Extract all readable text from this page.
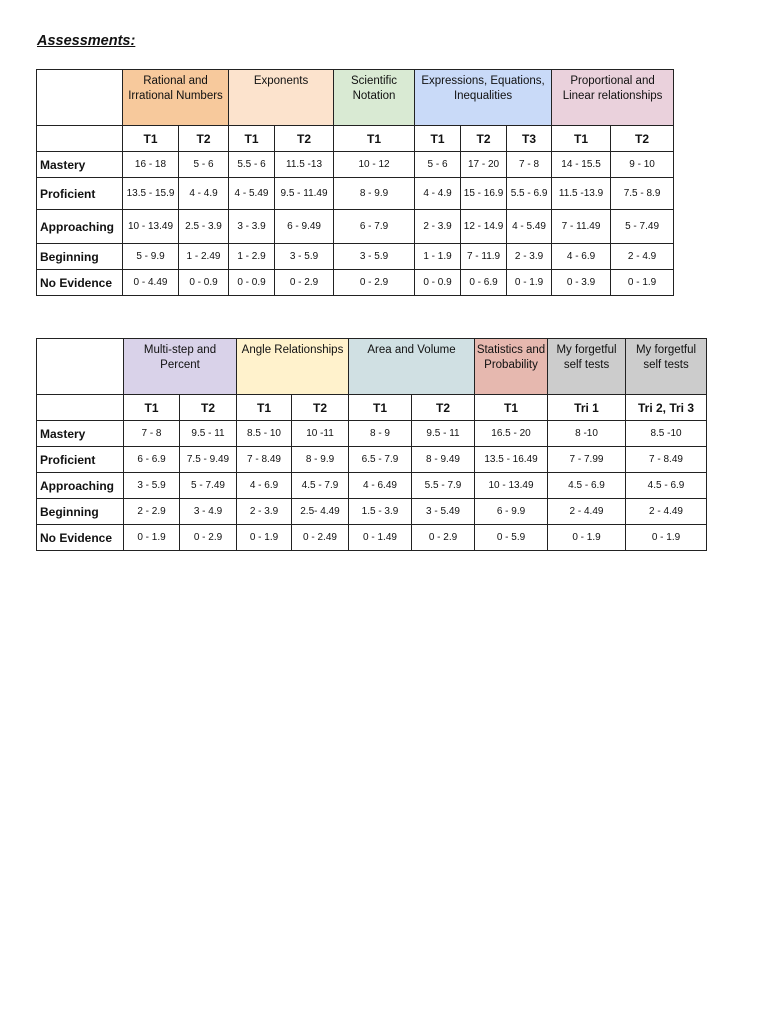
Assessments:
	Rational and Irrational Numbers		Exponents		Scientific Notation	Expressions, Equations, Inequalities			Proportional and Linear relationships	
	T1	T2	T1	T2	T1	T1	T2	T3	T1	T2
Mastery	16 - 18	5 - 6	5.5 - 6	11.5 -13	10 - 12	5 - 6	17 - 20	7 - 8	14 - 15.5	9 - 10
Proficient	13.5 - 15.9	4 - 4.9	4 - 5.49	9.5 - 11.49	8 - 9.9	4 - 4.9	15 - 16.9	5.5 - 6.9	11.5 -13.9	7.5 - 8.9
Approaching	10 - 13.49	2.5 - 3.9	3 - 3.9	6 - 9.49	6 - 7.9	2 - 3.9	12 - 14.9	4 - 5.49	7 - 11.49	5 - 7.49
Beginning	5 - 9.9	1 - 2.49	1 - 2.9	3 - 5.9	3 - 5.9	1 - 1.9	7 - 11.9	2 - 3.9	4 - 6.9	2 - 4.9
No Evidence	0 - 4.49	0 - 0.9	0 - 0.9	0 - 2.9	0 - 2.9	0 - 0.9	0 - 6.9	0 - 1.9	0 - 3.9	0 - 1.9
	Multi-step and Percent		Angle Relationships		Area and Volume		Statistics and Probability	My forgetful self tests	My forgetful self tests
	T1	T2	T1	T2	T1	T2	T1	Tri 1	Tri 2, Tri 3
Mastery	7 - 8	9.5 - 11	8.5 - 10	10 -11	8 - 9	9.5 - 11	16.5 - 20	8 -10	8.5 -10
Proficient	6 - 6.9	7.5 - 9.49	7 - 8.49	8 - 9.9	6.5 - 7.9	8 - 9.49	13.5 - 16.49	7 - 7.99	7 - 8.49
Approaching	3 - 5.9	5 - 7.49	4 - 6.9	4.5 - 7.9	4 - 6.49	5.5 - 7.9	10 - 13.49	4.5 - 6.9	4.5 - 6.9
Beginning	2 - 2.9	3 - 4.9	2 - 3.9	2.5- 4.49	1.5 - 3.9	3 - 5.49	6 - 9.9	2 - 4.49	2 - 4.49
No Evidence	0 - 1.9	0 - 2.9	0 - 1.9	0 - 2.49	0 - 1.49	0 - 2.9	0 - 5.9	0 - 1.9	0 - 1.9
